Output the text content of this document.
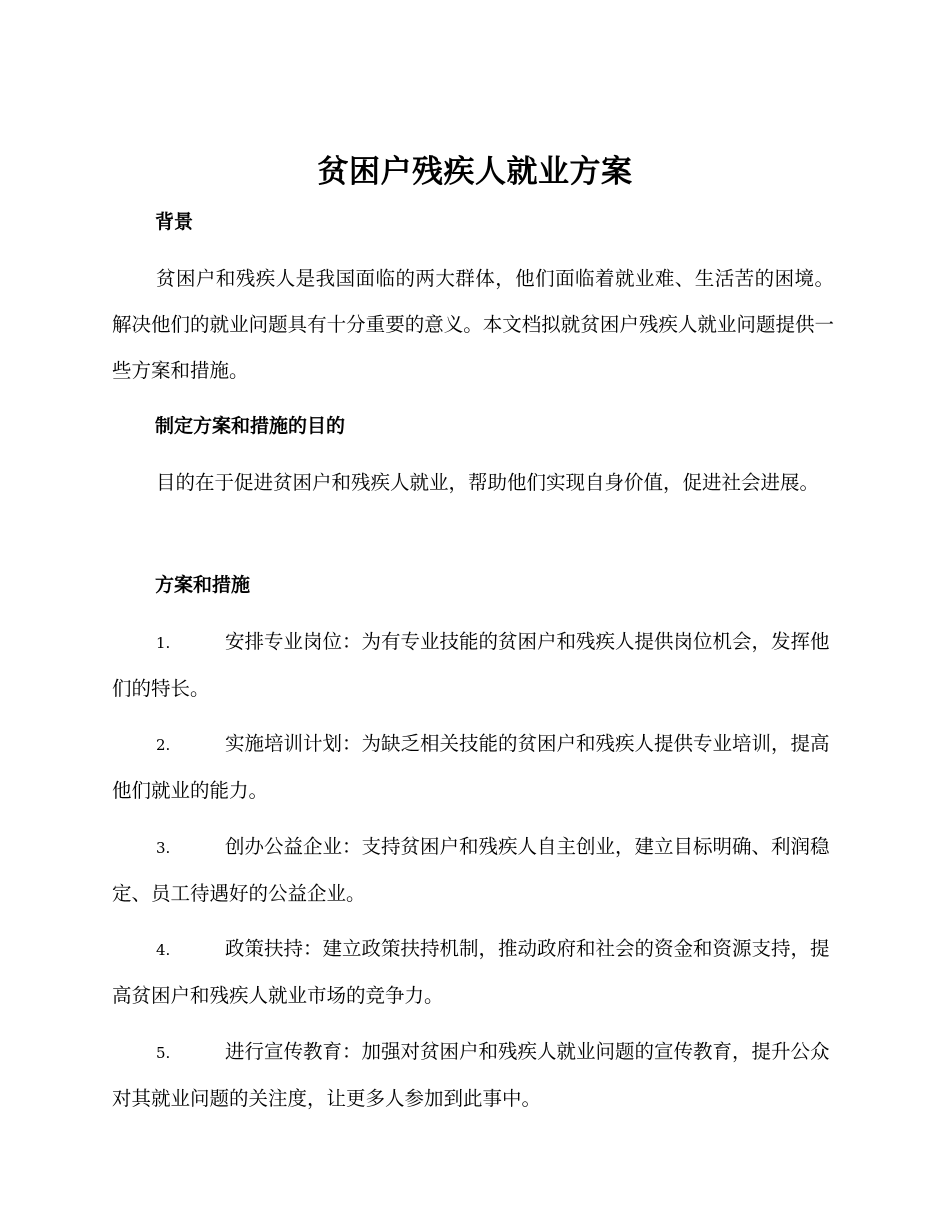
贫困户残疾人就业方案
背景
贫困户和残疾人是我国面临的两大群体，他们面临着就业难、生活苦的困境。解决他们的就业问题具有十分重要的意义。本文档拟就贫困户残疾人就业问题提供一些方案和措施。
制定方案和措施的目的
目的在于促进贫困户和残疾人就业，帮助他们实现自身价值，促进社会进展。
方案和措施
1.	安排专业岗位：为有专业技能的贫困户和残疾人提供岗位机会，发挥他们的特长。
2.	实施培训计划：为缺乏相关技能的贫困户和残疾人提供专业培训，提高他们就业的能力。
3.	创办公益企业：支持贫困户和残疾人自主创业，建立目标明确、利润稳定、员工待遇好的公益企业。
4.	政策扶持：建立政策扶持机制，推动政府和社会的资金和资源支持，提高贫困户和残疾人就业市场的竞争力。
5.	进行宣传教育：加强对贫困户和残疾人就业问题的宣传教育，提升公众对其就业问题的关注度，让更多人参加到此事中。
